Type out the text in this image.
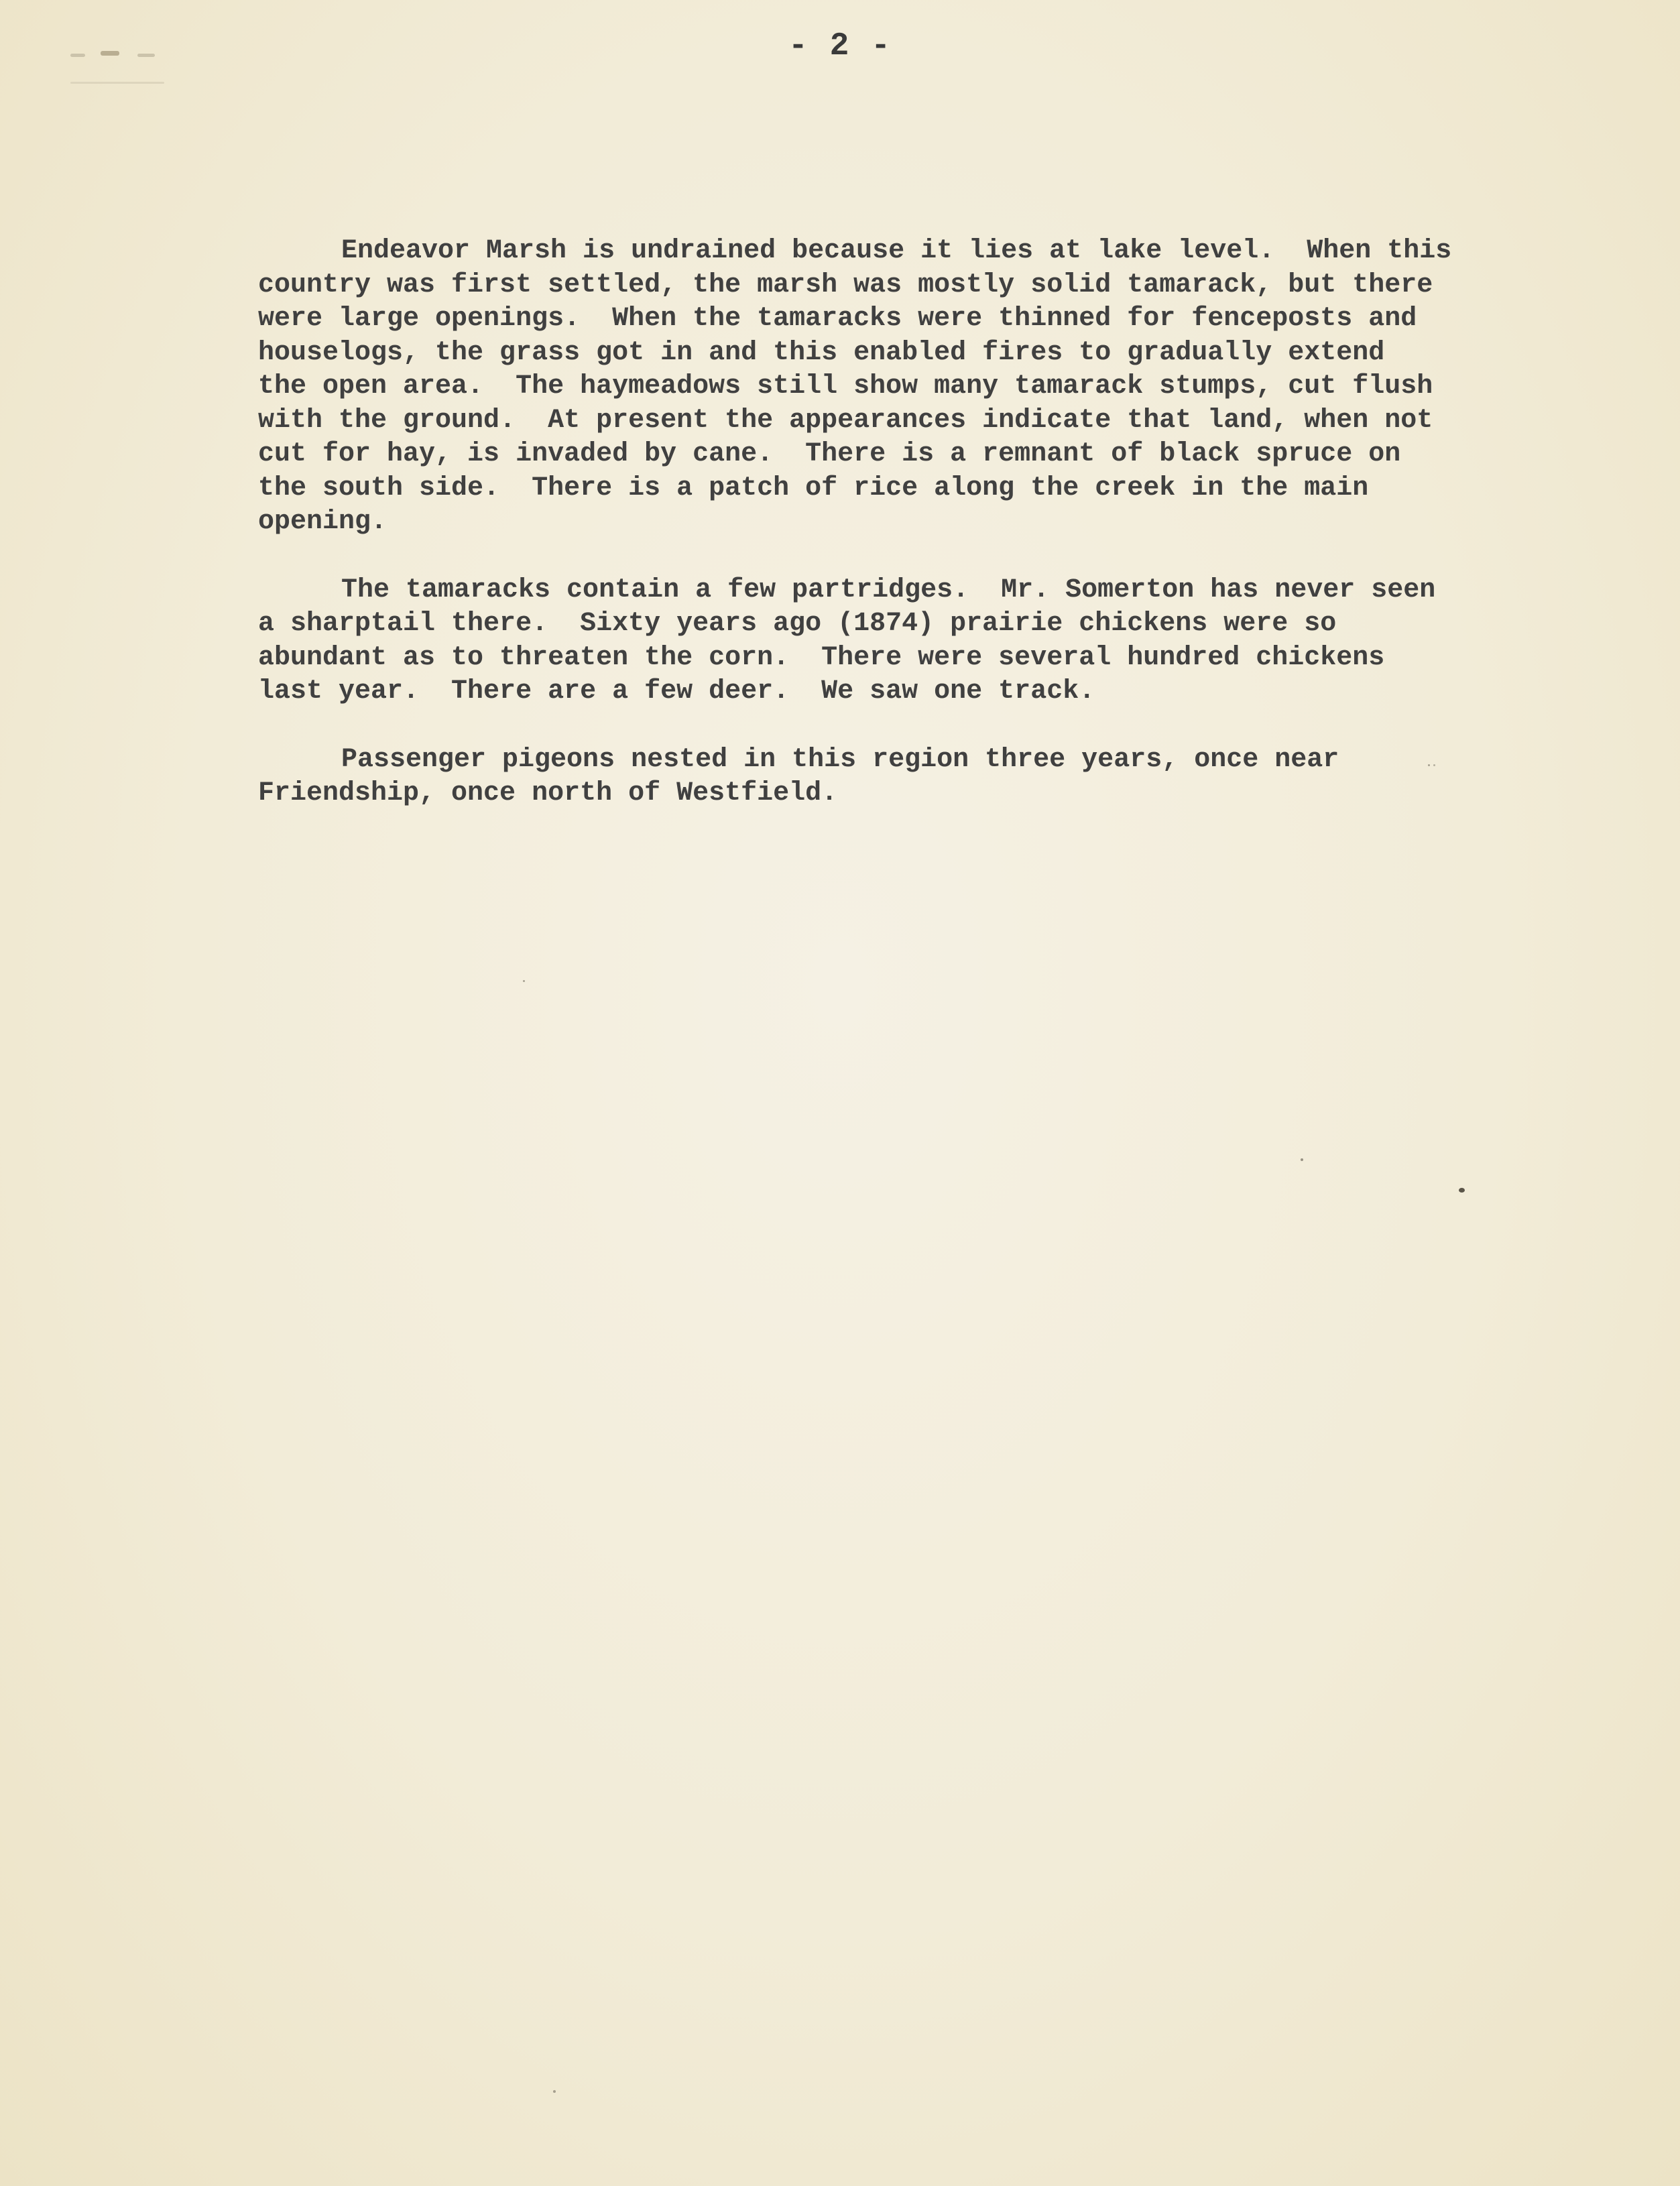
- 2 -
Endeavor Marsh is undrained because it lies at lake level.  When this
country was first settled, the marsh was mostly solid tamarack, but there
were large openings.  When the tamaracks were thinned for fenceposts and
houselogs, the grass got in and this enabled fires to gradually extend
the open area.  The haymeadows still show many tamarack stumps, cut flush
with the ground.  At present the appearances indicate that land, when not
cut for hay, is invaded by cane.  There is a remnant of black spruce on
the south side.  There is a patch of rice along the creek in the main
opening.
The tamaracks contain a few partridges.  Mr. Somerton has never seen
a sharptail there.  Sixty years ago (1874) prairie chickens were so
abundant as to threaten the corn.  There were several hundred chickens
last year.  There are a few deer.  We saw one track.
Passenger pigeons nested in this region three years, once near
Friendship, once north of Westfield.
